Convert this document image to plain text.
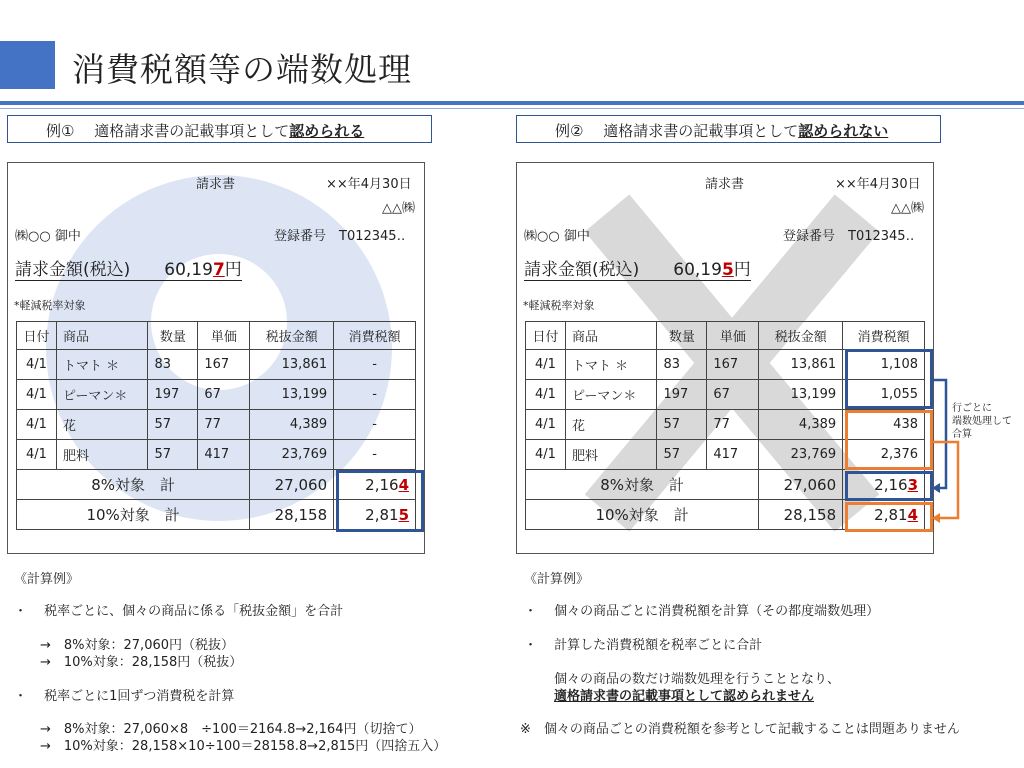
消費税額等の端数処理
例①　 適格請求書の記載事項として認められる	例②　 適格請求書の記載事項として認められない
請求書	××年4月30日
△△㈱
㈱○○ 御中	登録番号　T012345‥
請求金額(税込)　　60,197円
*軽減税率対象
日付	商品	数量	単価	税抜金額	消費税額
4/1	トマト ＊	83	167	13,861	-
4/1	ピーマン＊	197	67	13,199	-
4/1	花	57	77	4,389	-
4/1	肥料	57	417	23,769	-
8%対象　計				27,060	2,164
10%対象　計				28,158	2,815
請求書	××年4月30日
△△㈱
㈱○○ 御中	登録番号　T012345‥
請求金額(税込)　　60,195円
*軽減税率対象
日付	商品	数量	単価	税抜金額	消費税額
4/1	トマト ＊	83	167	13,861	1,108
4/1	ピーマン＊	197	67	13,199	1,055
4/1	花	57	77	4,389	438
4/1	肥料	57	417	23,769	2,376
8%対象　計				27,060	2,163
10%対象　計				28,158	2,814
行ごとに
端数処理して
合算
《計算例》
・　 税率ごとに、個々の商品に係る「税抜金額」を合計
→　8%対象：27,060円（税抜）
→　10%対象：28,158円（税抜）
・　 税率ごとに1回ずつ消費税を計算
→　8%対象：27,060×8　÷100＝2164.8→2,164円（切捨て）
→　10%対象：28,158×10÷100＝28158.8→2,815円（四捨五入）
《計算例》
・　 個々の商品ごとに消費税額を計算（その都度端数処理）
・　 計算した消費税額を税率ごとに合計
個々の商品の数だけ端数処理を行うこととなり、
適格請求書の記載事項として認められません
※　個々の商品ごとの消費税額を参考として記載することは問題ありません
